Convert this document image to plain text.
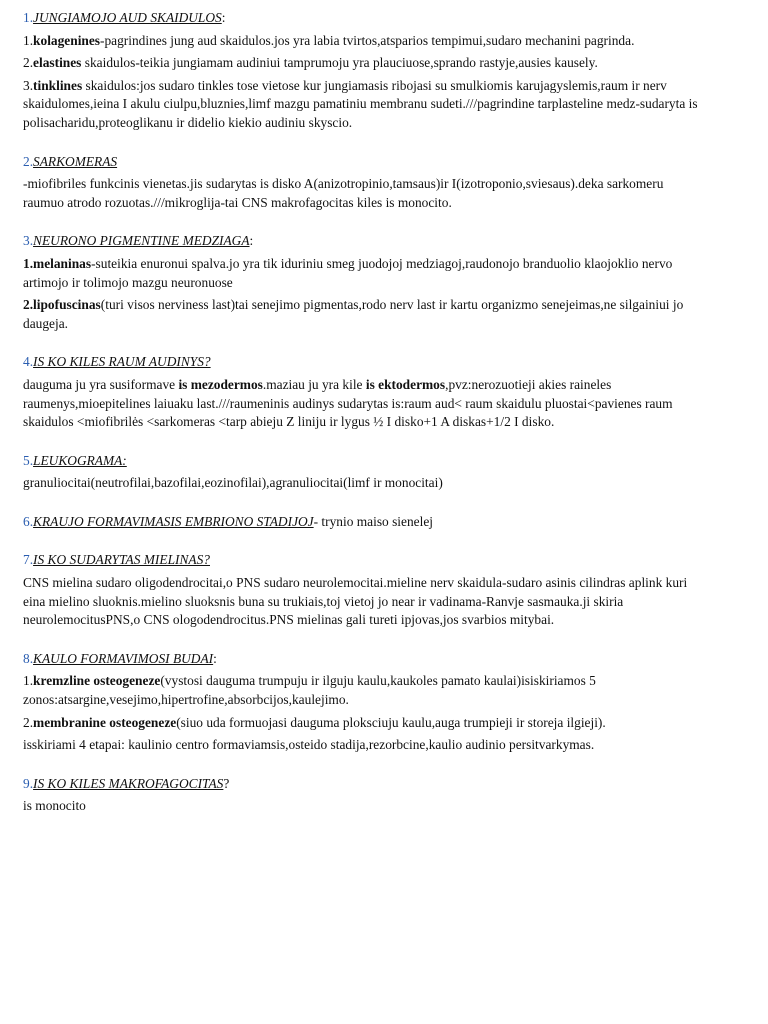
1.JUNGIAMOJO AUD SKAIDULOS:

1.kolagenines-pagrindines jung aud skaidulos.jos yra labia tvirtos,atsparios tempimui,sudaro mechanini pagrinda.

2.elastines skaidulos-teikia jungiamam audiniui tamprumoju yra plauciuose,sprando rastyje,ausies kausely.

3.tinklines skaidulos:jos sudaro tinkles tose vietose kur jungiamasis ribojasi su smulkiomis karujagyslemis,raum ir nerv skaidulomes,ieina I akulu ciulpu,bluznies,limf mazgu pamatiniu membranu sudeti.///pagrindine tarplasteline medz-sudaryta is polisacharidu,proteoglikanu ir didelio kiekio audiniu skyscio.

2.SARKOMERAS

-miofibriles funkcinis vienetas.jis sudarytas is disko A(anizotropinio,tamsaus)ir I(izotroponio,sviesaus).deka sarkomeru raumuo atrodo rozuotas.///mikroglija-tai CNS makrofagocitas kiles is monocito.

3.NEURONO PIGMENTINE MEDZIAGA:

1.melaninas-suteikia enuronui spalva.jo yra tik iduriniu smeg juodojoj medziagoj,raudonojo branduolio klaojoklio nervo artimojo ir tolimojo mazgu neuronuose

2.lipofuscinas(turi visos nerviness last)tai senejimo pigmentas,rodo nerv last ir kartu organizmo senejeimas,ne silgainiui jo daugeja.

4.IS KO KILES RAUM AUDINYS?

dauguma ju yra susiformave is mezodermos.maziau ju yra kile is ektodermos,pvz:nerozuotieji akies raineles raumenys,mioepitelines laiuaku last.///raumeninis audinys sudarytas is:raum aud< raum skaidulu pluostai<pavienes raum skaidulos <miofibrilės <sarkomeras <tarp abieju Z liniju ir lygus ½ I disko+1 A diskas+1/2 I disko.

5.LEUKOGRAMA:

granuliocitai(neutrofilai,bazofilai,eozinofilai),agranuliocitai(limf ir monocitai)

6.KRAUJO FORMAVIMASIS EMBRIONO STADIJOJ- trynio maiso sienelej
7.IS KO SUDARYTAS MIELINAS?

CNS mielina sudaro oligodendrocitai,o PNS sudaro neurolemocitai.mieline nerv skaidula-sudaro asinis cilindras aplink kuri eina mielino sluoknis.mielino sluoksnis buna su trukiais,toj vietoj jo near ir vadinama-Ranvje sasmauka.ji skiria neurolemocitusPNS,o CNS ologodendrocitus.PNS mielinas gali tureti ipjovas,jos svarbios mitybai.

8.KAULO FORMAVIMOSI BUDAI:

1.kremzline osteogeneze(vystosi dauguma trumpuju ir ilguju kaulu,kaukoles pamato kaulai)isiskiriamos 5 zonos:atsargine,vesejimo,hipertrofine,absorbcijos,kaulejimo.

2.membranine osteogeneze(siuo uda formuojasi dauguma ploksciuju kaulu,auga trumpieji ir storeja ilgieji).

isskiriami 4 etapai: kaulinio centro formaviamsis,osteido stadija,rezorbcine,kaulio audinio persitvarkymas.

9.IS KO KILES MAKROFAGOCITAS?

is monocito
